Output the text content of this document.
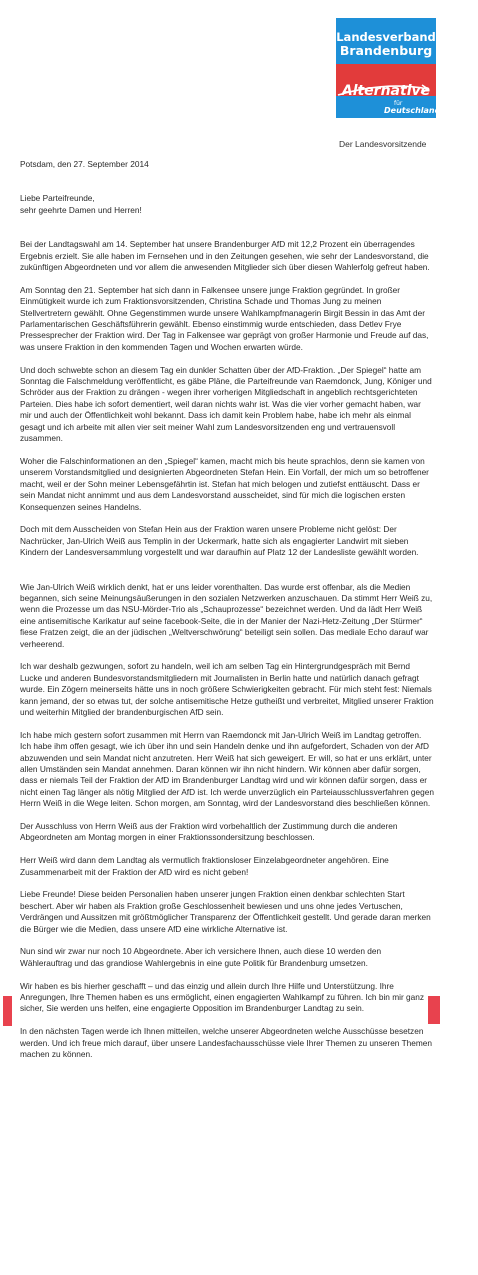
Landesverband
Brandenburg
Alternative
für
Deutschland
Der Landesvorsitzende

Potsdam, den 27. September 2014

Liebe Parteifreunde,
sehr geehrte Damen und Herren!

Bei der Landtagswahl am 14. September hat unsere Brandenburger AfD mit 12,2 Prozent ein überragendes Ergebnis erzielt. Sie alle haben im Fernsehen und in den Zeitungen gesehen, wie sehr der Landesvorstand, die zukünftigen Abgeordneten und vor allem die anwesenden Mitglieder sich über diesen Wahlerfolg gefreut haben.

Am Sonntag den 21. September hat sich dann in Falkensee unsere junge Fraktion gegründet. In großer Einmütigkeit wurde ich zum Fraktionsvorsitzenden, Christina Schade und Thomas Jung zu meinen Stellvertretern gewählt. Ohne Gegenstimmen wurde unsere Wahlkampfmanagerin Birgit Bessin in das Amt der Parlamentarischen Geschäftsführerin gewählt. Ebenso einstimmig wurde entschieden, dass Detlev Frye Pressesprecher der Fraktion wird. Der Tag in Falkensee war geprägt von großer Harmonie und Freude auf das, was unsere Fraktion in den kommenden Tagen und Wochen erwarten würde.

Und doch schwebte schon an diesem Tag ein dunkler Schatten über der AfD-Fraktion. „Der Spiegel“ hatte am Sonntag die Falschmeldung veröffentlicht, es gäbe Pläne, die Parteifreunde van Raemdonck, Jung, Königer und Schröder aus der Fraktion zu drängen - wegen ihrer vorherigen Mitgliedschaft in angeblich rechtsgerichteten Parteien. Dies habe ich sofort dementiert, weil daran nichts wahr ist. Was die vier vorher gemacht haben, war mir und auch der Öffentlichkeit wohl bekannt. Dass ich damit kein Problem habe, habe ich mehr als einmal gesagt und ich arbeite mit allen vier seit meiner Wahl zum Landesvorsitzenden eng und vertrauensvoll zusammen.

Woher die Falschinformationen an den „Spiegel“ kamen, macht mich bis heute sprachlos, denn sie kamen von unserem Vorstandsmitglied und designierten Abgeordneten Stefan Hein. Ein Vorfall, der mich um so betroffener macht, weil er der Sohn meiner Lebensgefährtin ist. Stefan hat mich belogen und zutiefst enttäuscht. Dass er sein Mandat nicht annimmt und aus dem Landesvorstand ausscheidet, sind für mich die logischen ersten Konsequenzen seines Handelns.

Doch mit dem Ausscheiden von Stefan Hein aus der Fraktion waren unsere Probleme nicht gelöst: Der Nachrücker, Jan-Ulrich Weiß aus Templin in der Uckermark, hatte sich als engagierter Landwirt mit sieben Kindern der Landesversammlung vorgestellt und war daraufhin auf Platz 12 der Landesliste gewählt worden.

Wie Jan-Ulrich Weiß wirklich denkt, hat er uns leider vorenthalten. Das wurde erst offenbar, als die Medien begannen, sich seine Meinungsäußerungen in den sozialen Netzwerken anzuschauen. Da stimmt Herr Weiß zu, wenn die Prozesse um das NSU-Mörder-Trio als „Schauprozesse“ bezeichnet werden. Und da lädt Herr Weiß eine antisemitische Karikatur auf seine facebook-Seite, die in der Manier der Nazi-Hetz-Zeitung „Der Stürmer“ fiese Fratzen zeigt, die an der jüdischen „Weltverschwörung“ beteiligt sein sollen. Das mediale Echo darauf war verheerend.

Ich war deshalb gezwungen, sofort zu handeln, weil ich am selben Tag ein Hintergrundgespräch mit Bernd Lucke und anderen Bundesvorstandsmitgliedern mit Journalisten in Berlin hatte und natürlich danach gefragt wurde. Ein Zögern meinerseits hätte uns in noch größere Schwierigkeiten gebracht. Für mich steht fest: Niemals kann jemand, der so etwas tut, der solche antisemitische Hetze gutheißt und verbreitet, Mitglied unserer Fraktion und weiterhin Mitglied der brandenburgischen AfD sein.

Ich habe mich gestern sofort zusammen mit Herrn van Raemdonck mit Jan-Ulrich Weiß im Landtag getroffen. Ich habe ihm offen gesagt, wie ich über ihn und sein Handeln denke und ihn aufgefordert, Schaden von der AfD abzuwenden und sein Mandat nicht anzutreten. Herr Weiß hat sich geweigert. Er will, so hat er uns erklärt, unter allen Umständen sein Mandat annehmen. Daran können wir ihn nicht hindern. Wir können aber dafür sorgen, dass er niemals Teil der Fraktion der AfD im Brandenburger Landtag wird und wir können dafür sorgen, dass er nicht einen Tag länger als nötig Mitglied der AfD ist. Ich werde unverzüglich ein Parteiausschlussverfahren gegen Herrn Weiß in die Wege leiten. Schon morgen, am Sonntag, wird der Landesvorstand dies beschließen können.

Der Ausschluss von Herrn Weiß aus der Fraktion wird vorbehaltlich der Zustimmung durch die anderen Abgeordneten am Montag morgen in einer Fraktionssondersitzung beschlossen.

Herr Weiß wird dann dem Landtag als vermutlich fraktionsloser Einzelabgeordneter angehören. Eine Zusammenarbeit mit der Fraktion der AfD wird es nicht geben!

Liebe Freunde! Diese beiden Personalien haben unserer jungen Fraktion einen denkbar schlechten Start beschert. Aber wir haben als Fraktion große Geschlossenheit bewiesen und uns ohne jedes Vertuschen, Verdrängen und Aussitzen mit größtmöglicher Transparenz der Öffentlichkeit gestellt. Und gerade daran merken die Bürger wie die Medien, dass unsere AfD eine wirkliche Alternative ist.

Nun sind wir zwar nur noch 10 Abgeordnete. Aber ich versichere Ihnen, auch diese 10 werden den Wählerauftrag und das grandiose Wahlergebnis in eine gute Politik für Brandenburg umsetzen.

Wir haben es bis hierher geschafft – und das einzig und allein durch Ihre Hilfe und Unterstützung. Ihre Anregungen, Ihre Themen haben es uns ermöglicht, einen engagierten Wahlkampf zu führen. Ich bin mir ganz sicher, Sie werden uns helfen, eine engagierte Opposition im Brandenburger Landtag zu sein.

In den nächsten Tagen werde ich Ihnen mitteilen, welche unserer Abgeordneten welche Ausschüsse besetzen werden. Und ich freue mich darauf, über unsere Landesfachausschüsse viele Ihrer Themen zu unseren Themen machen zu können.
